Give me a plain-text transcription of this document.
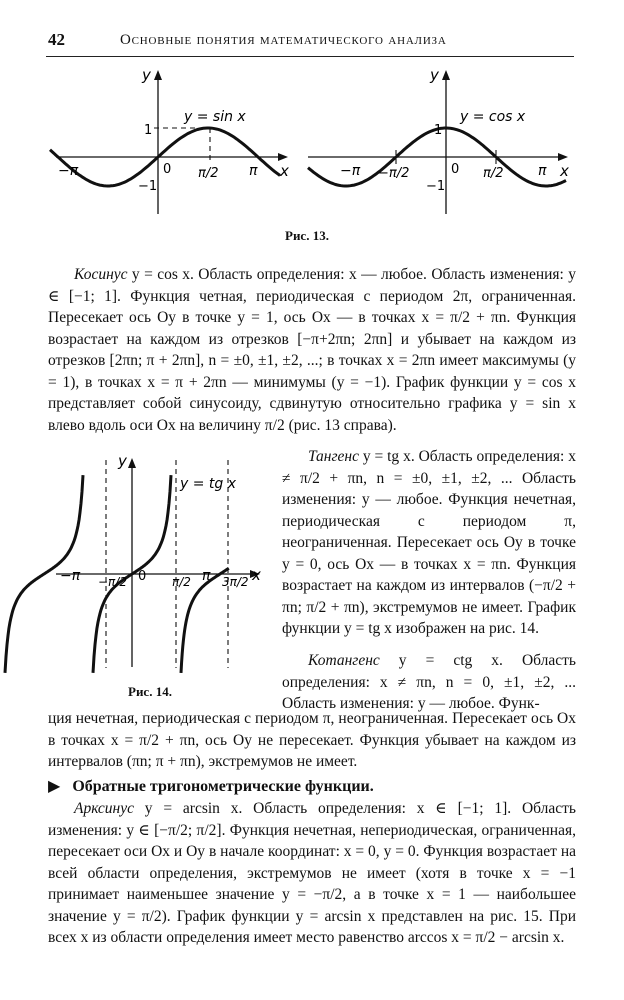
42	Основные понятия математического анализа
y
x
y = sin x
1
−1
0
−π	π
π/2
y
x
y = cos x
1
−1
0
−π	π
π/2
−π/2
Рис. 13.

Косинус y = cos x. Область определения: x — любое. Область изменения: y ∈ [−1; 1]. Функция четная, периодическая с периодом 2π, ограниченная. Пересекает ось Oy в точке y = 1, ось Ox — в точках x = π/2 + πn. Функция возрастает на каждом из отрезков [−π+2πn; 2πn] и убывает на каждом из отрезков [2πn; π + 2πn], n = ±0, ±1, ±2, ...; в точках x = 2πn имеет максимумы (y = 1), в точках x = π + 2πn — минимумы (y = −1). График функции y = cos x представляет собой синусоиду, сдвинутую относительно графика y = sin x влево вдоль оси Ox на величину π/2 (рис. 13 справа).

y
x
y = tg x
0
−π	π
−π/2	π/2	3π/2
Рис. 14.

Тангенс y = tg x. Область определения: x ≠ π/2 + πn, n = ±0, ±1, ±2, ... Область изменения: y — любое. Функция нечетная, периодическая с периодом π, неограниченная. Пересекает ось Oy в точке y = 0, ось Ox — в точках x = πn. Функция возрастает на каждом из интервалов (−π/2 + πn; π/2 + πn), экстремумов не имеет. График функции y = tg x изображен на рис. 14.

Котангенс y = ctg x. Область определения: x ≠ πn, n = 0, ±1, ±2, ... Область изменения: y — любое. Функ-

ция нечетная, периодическая с периодом π, неограниченная. Пересекает ось Ox в точках x = π/2 + πn, ось Oy не пересекает. Функция убывает на каждом из интервалов (πn; π + πn), экстремумов не имеет.

▶ Обратные тригонометрические функции.

Арксинус y = arcsin x. Область определения: x ∈ [−1; 1]. Область изменения: y ∈ [−π/2; π/2]. Функция нечетная, непериодическая, ограниченная, пересекает оси Ox и Oy в начале координат: x = 0, y = 0. Функция возрастает на всей области определения, экстремумов не имеет (хотя в точке x = −1 принимает наименьшее значение y = −π/2, а в точке x = 1 — наибольшее значение y = π/2). График функции y = arcsin x представлен на рис. 15. При всех x из области определения имеет место равенство arccos x = π/2 − arcsin x.
